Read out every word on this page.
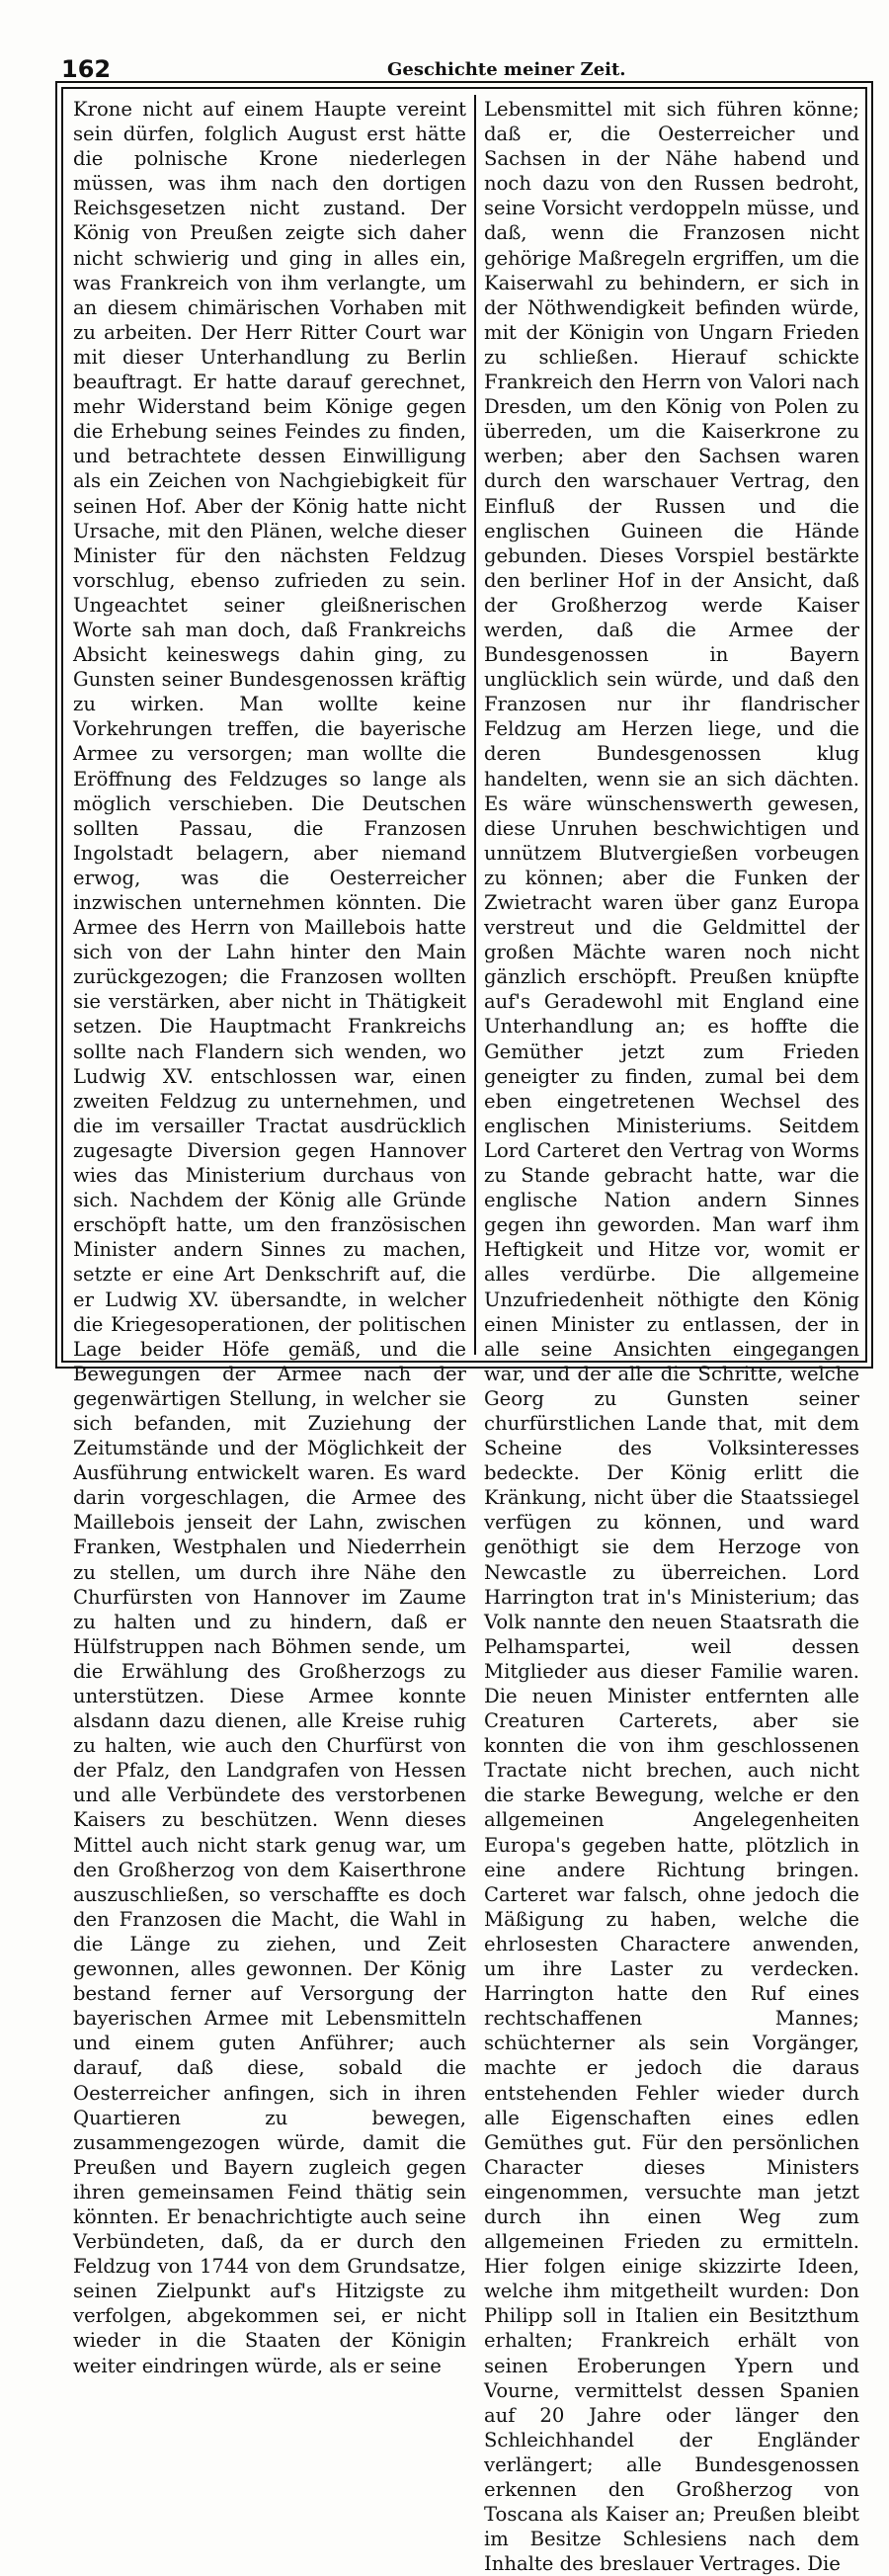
162	Geschichte meiner Zeit.

Krone nicht auf einem Haupte vereint sein dürfen, folglich August erst hätte die polnische Krone niederlegen müssen, was ihm nach den dortigen Reichsgesetzen nicht zustand. Der König von Preußen zeigte sich daher nicht schwierig und ging in alles ein, was Frankreich von ihm verlangte, um an diesem chimärischen Vorhaben mit zu arbeiten. Der Herr Ritter Court war mit dieser Unterhandlung zu Berlin beauftragt. Er hatte darauf gerechnet, mehr Widerstand beim Könige gegen die Erhebung seines Feindes zu finden, und betrachtete dessen Einwilligung als ein Zeichen von Nachgiebigkeit für seinen Hof. Aber der König hatte nicht Ursache, mit den Plänen, welche dieser Minister für den nächsten Feldzug vorschlug, ebenso zufrieden zu sein. Ungeachtet seiner gleißnerischen Worte sah man doch, daß Frankreichs Absicht keineswegs dahin ging, zu Gunsten seiner Bundesgenossen kräftig zu wirken. Man wollte keine Vorkehrungen treffen, die bayerische Armee zu versorgen; man wollte die Eröffnung des Feldzuges so lange als möglich verschieben. Die Deutschen sollten Passau, die Franzosen Ingolstadt belagern, aber niemand erwog, was die Oesterreicher inzwischen unternehmen könnten. Die Armee des Herrn von Maillebois hatte sich von der Lahn hinter den Main zurückgezogen; die Franzosen wollten sie verstärken, aber nicht in Thätigkeit setzen. Die Hauptmacht Frankreichs sollte nach Flandern sich wenden, wo Ludwig XV. entschlossen war, einen zweiten Feldzug zu unternehmen, und die im versailler Tractat ausdrücklich zugesagte Diversion gegen Hannover wies das Ministerium durchaus von sich. Nachdem der König alle Gründe erschöpft hatte, um den französischen Minister andern Sinnes zu machen, setzte er eine Art Denkschrift auf, die er Ludwig XV. übersandte, in welcher die Kriegesoperationen, der politischen Lage beider Höfe gemäß, und die Bewegungen der Armee nach der gegenwärtigen Stellung, in welcher sie sich befanden, mit Zuziehung der Zeitumstände und der Möglichkeit der Ausführung entwickelt waren. Es ward darin vorgeschlagen, die Armee des Maillebois jenseit der Lahn, zwischen Franken, Westphalen und Niederrhein zu stellen, um durch ihre Nähe den Churfürsten von Hannover im Zaume zu halten und zu hindern, daß er Hülfstruppen nach Böhmen sende, um die Erwählung des Großherzogs zu unterstützen. Diese Armee konnte alsdann dazu dienen, alle Kreise ruhig zu halten, wie auch den Churfürst von der Pfalz, den Landgrafen von Hessen und alle Verbündete des verstorbenen Kaisers zu beschützen. Wenn dieses Mittel auch nicht stark genug war, um den Großherzog von dem Kaiserthrone auszuschließen, so verschaffte es doch den Franzosen die Macht, die Wahl in die Länge zu ziehen, und Zeit gewonnen, alles gewonnen. Der König bestand ferner auf Versorgung der bayerischen Armee mit Lebensmitteln und einem guten Anführer; auch darauf, daß diese, sobald die Oesterreicher anfingen, sich in ihren Quartieren zu bewegen, zusammengezogen würde, damit die Preußen und Bayern zugleich gegen ihren gemeinsamen Feind thätig sein könnten. Er benachrichtigte auch seine Verbündeten, daß, da er durch den Feldzug von 1744 von dem Grundsatze, seinen Zielpunkt auf's Hitzigste zu verfolgen, abgekommen sei, er nicht wieder in die Staaten der Königin weiter eindringen würde, als er seine

Lebensmittel mit sich führen könne; daß er, die Oesterreicher und Sachsen in der Nähe habend und noch dazu von den Russen bedroht, seine Vorsicht verdoppeln müsse, und daß, wenn die Franzosen nicht gehörige Maßregeln ergriffen, um die Kaiserwahl zu behindern, er sich in der Nöthwendigkeit befinden würde, mit der Königin von Ungarn Frieden zu schließen. Hierauf schickte Frankreich den Herrn von Valori nach Dresden, um den König von Polen zu überreden, um die Kaiserkrone zu werben; aber den Sachsen waren durch den warschauer Vertrag, den Einfluß der Russen und die englischen Guineen die Hände gebunden. Dieses Vorspiel bestärkte den berliner Hof in der Ansicht, daß der Großherzog werde Kaiser werden, daß die Armee der Bundesgenossen in Bayern unglücklich sein würde, und daß den Franzosen nur ihr flandrischer Feldzug am Herzen liege, und die deren Bundesgenossen klug handelten, wenn sie an sich dächten. Es wäre wünschenswerth gewesen, diese Unruhen beschwichtigen und unnützem Blutvergießen vorbeugen zu können; aber die Funken der Zwietracht waren über ganz Europa verstreut und die Geldmittel der großen Mächte waren noch nicht gänzlich erschöpft. Preußen knüpfte auf's Geradewohl mit England eine Unterhandlung an; es hoffte die Gemüther jetzt zum Frieden geneigter zu finden, zumal bei dem eben eingetretenen Wechsel des englischen Ministeriums. Seitdem Lord Carteret den Vertrag von Worms zu Stande gebracht hatte, war die englische Nation andern Sinnes gegen ihn geworden. Man warf ihm Heftigkeit und Hitze vor, womit er alles verdürbe. Die allgemeine Unzufriedenheit nöthigte den König einen Minister zu entlassen, der in alle seine Ansichten eingegangen war, und der alle die Schritte, welche Georg zu Gunsten seiner churfürstlichen Lande that, mit dem Scheine des Volksinteresses bedeckte. Der König erlitt die Kränkung, nicht über die Staatssiegel verfügen zu können, und ward genöthigt sie dem Herzoge von Newcastle zu überreichen. Lord Harrington trat in's Ministerium; das Volk nannte den neuen Staatsrath die Pelhamspartei, weil dessen Mitglieder aus dieser Familie waren. Die neuen Minister entfernten alle Creaturen Carterets, aber sie konnten die von ihm geschlossenen Tractate nicht brechen, auch nicht die starke Bewegung, welche er den allgemeinen Angelegenheiten Europa's gegeben hatte, plötzlich in eine andere Richtung bringen. Carteret war falsch, ohne jedoch die Mäßigung zu haben, welche die ehrlosesten Charactere anwenden, um ihre Laster zu verdecken. Harrington hatte den Ruf eines rechtschaffenen Mannes; schüchterner als sein Vorgänger, machte er jedoch die daraus entstehenden Fehler wieder durch alle Eigenschaften eines edlen Gemüthes gut. Für den persönlichen Character dieses Ministers eingenommen, versuchte man jetzt durch ihn einen Weg zum allgemeinen Frieden zu ermitteln. Hier folgen einige skizzirte Ideen, welche ihm mitgetheilt wurden: Don Philipp soll in Italien ein Besitzthum erhalten; Frankreich erhält von seinen Eroberungen Ypern und Vourne, vermittelst dessen Spanien auf 20 Jahre oder länger den Schleichhandel der Engländer verlängert; alle Bundesgenossen erkennen den Großherzog von Toscana als Kaiser an; Preußen bleibt im Besitze Schlesiens nach dem Inhalte des breslauer Vertrages. Die
